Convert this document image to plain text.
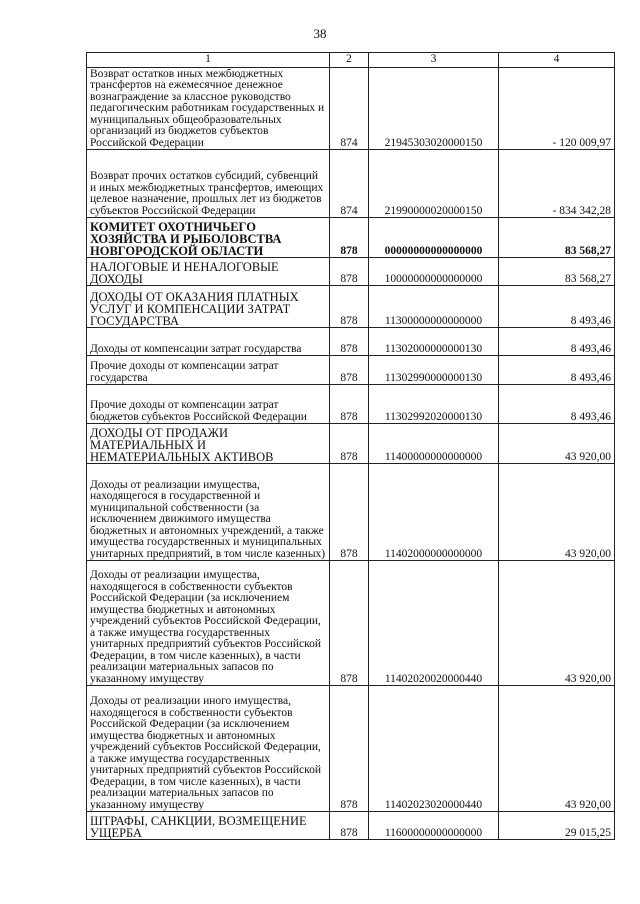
38
1	2	3	4
Возврат остатков иных межбюджетных трансфертов на ежемесячное денежное вознаграждение за классное руководство педагогическим работникам государственных и муниципальных общеобразовательных организаций из бюджетов субъектов Российской Федерации	874	21945303020000150	- 120 009,97
Возврат прочих остатков субсидий, субвенций и иных межбюджетных трансфертов, имеющих целевое назначение, прошлых лет из бюджетов субъектов Российской Федерации	874	21990000020000150	- 834 342,28
КОМИТЕТ ОХОТНИЧЬЕГО ХОЗЯЙСТВА И РЫБОЛОВСТВА НОВГОРОДСКОЙ ОБЛАСТИ	878	00000000000000000	83 568,27
НАЛОГОВЫЕ И НЕНАЛОГОВЫЕ ДОХОДЫ	878	10000000000000000	83 568,27
ДОХОДЫ ОТ ОКАЗАНИЯ ПЛАТНЫХ УСЛУГ И КОМПЕНСАЦИИ ЗАТРАТ ГОСУДАРСТВА	878	11300000000000000	8 493,46
Доходы от компенсации затрат государства	878	11302000000000130	8 493,46
Прочие доходы от компенсации затрат государства	878	11302990000000130	8 493,46
Прочие доходы от компенсации затрат бюджетов субъектов Российской Федерации	878	11302992020000130	8 493,46
ДОХОДЫ ОТ ПРОДАЖИ МАТЕРИАЛЬНЫХ И НЕМАТЕРИАЛЬНЫХ АКТИВОВ	878	11400000000000000	43 920,00
Доходы от реализации имущества, находящегося в государственной и муниципальной собственности (за исключением движимого имущества бюджетных и автономных учреждений, а также имущества государственных и муниципальных унитарных предприятий, в том числе казенных)	878	11402000000000000	43 920,00
Доходы от реализации имущества, находящегося в собственности субъектов Российской Федерации (за исключением имущества бюджетных и автономных учреждений субъектов Российской Федерации, а также имущества государственных унитарных предприятий субъектов Российской Федерации, в том числе казенных), в части реализации материальных запасов по указанному имуществу	878	11402020020000440	43 920,00
Доходы от реализации иного имущества, находящегося в собственности субъектов Российской Федерации (за исключением имущества бюджетных и автономных учреждений субъектов Российской Федерации, а также имущества государственных унитарных предприятий субъектов Российской Федерации, в том числе казенных), в части реализации материальных запасов по указанному имуществу	878	11402023020000440	43 920,00
ШТРАФЫ, САНКЦИИ, ВОЗМЕЩЕНИЕ УЩЕРБА	878	11600000000000000	29 015,25
